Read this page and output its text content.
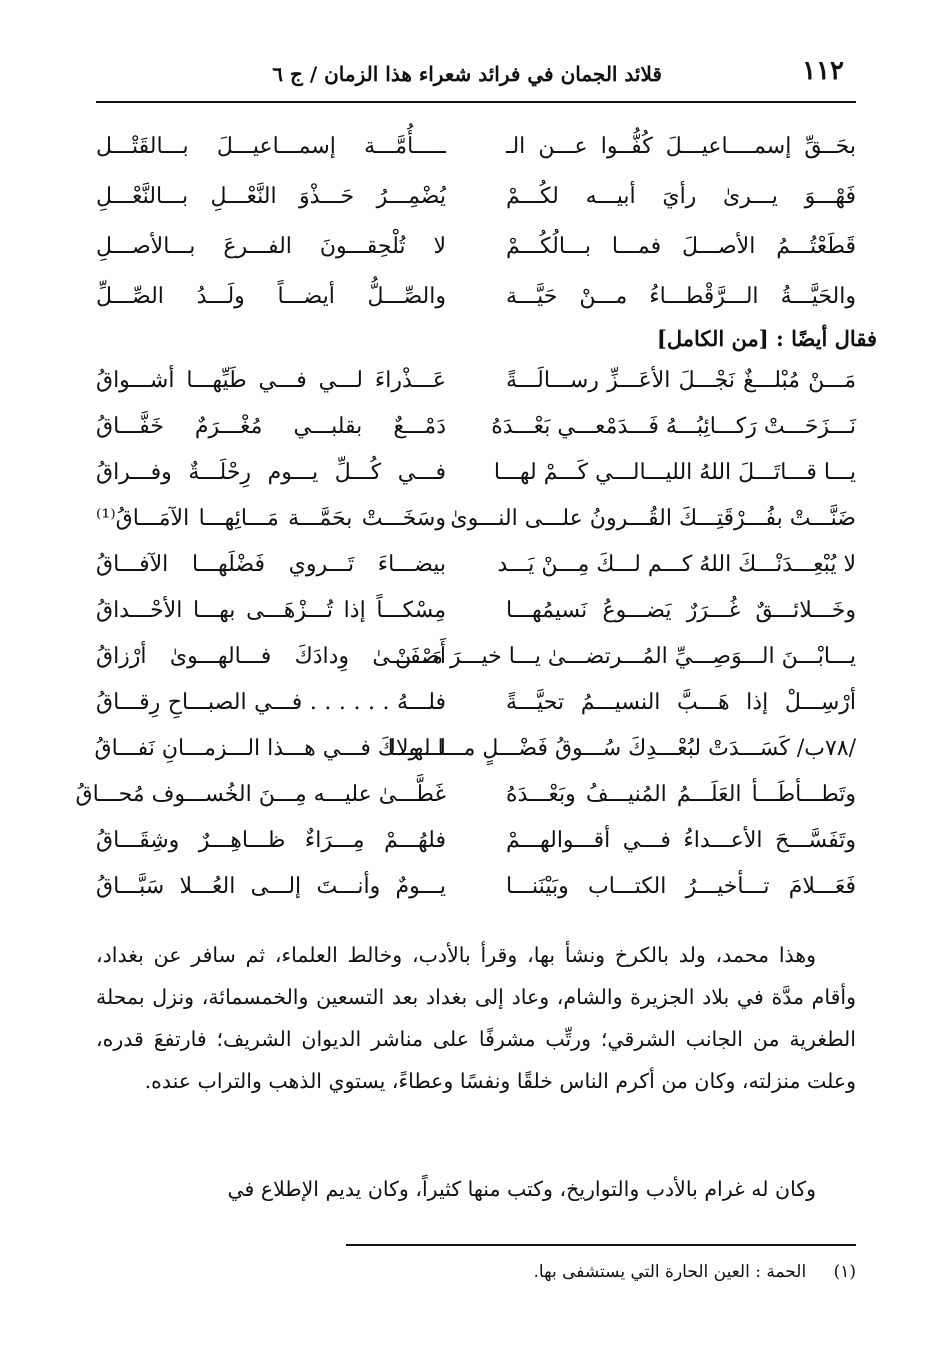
١١٢
قلائد الجمان في فرائد شعراء هذا الزمان / ج ٦
بحَــقِّ إسمــــاعيـــلَ كُفُّــوا عـــن الـ
ـــــأُمَّـــة إسمـــاعيـــلَ بـــالقَتْـــل
فَهْـــوَ يـــرىٰ رأيَ أبيـــه لكُـــمْ
يُضْمِـــرُ حَـــذْوَ النَّعْـــلِ بـــالنَّعْـــلِ
قَطَعْتُـــمُ الأصـــلَ فمـــا بـــالُكُـــمْ
لا تُلْحِقـــونَ الفـــرعَ بـــالأصـــلِ
والحَيَّـــةُ الـــرَّقْطـــاءُ مـــنْ حَيَّـــة
والصِّـــلُّ أيضـــاً ولَـــدُ الصِّـــلِّ
فقال أيضًا : [من الكامل]
مَـــنْ مُبْلـــغٌ نَجْـــلَ الأعَـــزِّ رســـالَـــةً
عَـــذْراءَ لـــي فـــي طَيِّهـــا أشـــواقُ
نَـــزَحَـــتْ رَكـــائِبُـــهُ فَـــدَمْعـــي بَعْـــدَهُ
دَمْـــعٌ بقلبـــي مُغْـــرَمٌ خَفَّـــاقُ
يـــا قـــاتَـــلَ اللهُ الليـــالـــي كَـــمْ لهـــا
فـــي كُـــلِّ يـــوم رِحْلَـــةٌ وفـــراقُ
ضَنَّـــتْ بفُـــرْقَتِـــكَ القُـــرونُ علـــى النـــوىٰ
وسَخَـــتْ بحَمَّـــة مَـــائِهـــا الآمَـــاقُ⁽¹⁾
لا يُبْعِـــدَنْـــكَ اللهُ كـــم لـــكَ مِـــنْ يَـــد
بيضـــاءَ تَـــروي فَضْلَهـــا الآفـــاقُ
وخَـــلائـــقٌ غُـــرَرٌ يَضـــوعُ نَسيمُهـــا
مِسْكـــاً إذا تُـــزْهَـــى بهـــا الأحْـــداقُ
يـــابْـــنَ الـــوَصِـــيِّ المُـــرتضـــىٰ يـــا خيـــرَ مَـــنْ
أَصْفَـــىٰ وِدادَكَ فـــالهـــوىٰ أرْزاقُ
أرْسِـــلْ إذا هَـــبَّ النسيـــمُ تحيَّـــةً
فلـــهُ . . . . . . فـــي الصبـــاحِ رِقـــاقُ
/٧٨ب/ كَسَـــدَتْ لبُعْـــدِكَ سُـــوقُ فَضْـــلٍ مـــا لهـــا
لـــولاكَ فـــي هـــذا الـــزمـــانِ نَفـــاقُ
وتَطـــأطَـــأ العَلَـــمُ المُنيـــفُ وبَعْـــدَهُ
غَطَّـــىٰ عليـــه مِـــنَ الخُســـوف مُحـــاقُ
وتَفَسَّـــحَ الأعـــداءُ فـــي أقـــوالهـــمْ
فلهُـــمْ مِـــرَاءٌ ظـــاهِـــرٌ وشِقَـــاقُ
فَعَـــلامَ تـــأخيـــرُ الكتـــاب وبَيْنَنـــا
يـــومٌ وأنـــتَ إلـــى العُـــلا سَبَّـــاقُ

وهذا محمد، ولد بالكرخ ونشأ بها، وقرأ بالأدب، وخالط العلماء، ثم سافر عن بغداد، وأقام مدَّة في بلاد الجزيرة والشام، وعاد إلى بغداد بعد التسعين والخمسمائة، ونزل بمحلة الطغرية من الجانب الشرقي؛ ورتِّب مشرفًا على مناشر الديوان الشريف؛ فارتفعَ قدره، وعلت منزلته، وكان من أكرم الناس خلقًا ونفسًا وعطاءً، يستوي الذهب والتراب عنده.

وكان له غرام بالأدب والتواريخ، وكتب منها كثيراً، وكان يديم الإطلاع في

(١) الحمة : العين الحارة التي يستشفى بها.
